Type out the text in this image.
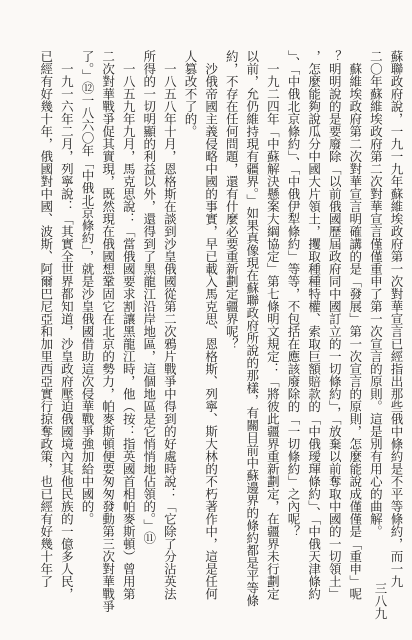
蘇聯政府說，一九一九年蘇維埃政府第一次對華宣言已經指出那些俄中條約是不平等條約，而一九
二〇年蘇維埃政府第二次對華宣言僅僅重申了第一次宣言的原則。這是別有用心的曲解。
　蘇維埃政府第二次對華宣言明確講的是「發展」第一次宣言的原則，怎麼能說成僅僅是「重申」呢
？明明說的是要廢除「以前俄國歷屆政府同中國訂立的一切條約」，「放棄以前奪取中國的一切領土」
，怎麼能夠說瓜分中國大片領土，攫取種種特權、索取巨額賠款的「中俄璦琿條約」、「中俄天津條約
」、「中俄北京條約」、「中俄伊犁條約」等等，不包括在應該廢除的「一切條約」之內呢？
　一九二四年「中蘇解決懸案大綱協定」第七條明文規定：「將彼此疆界重新劃定，在疆界未行劃定
以前，允仍維持現有疆界。」如果真像現在蘇聯政府所說的那樣，有關目前中蘇邊界的條約都是平等條
約，不存在任何問題，還有什麼必要重新劃定疆界呢？
　沙俄帝國主義侵略中國的事實，早已載入馬克思、恩格斯、列寧、斯大林的不朽著作中，這是任何
人篡改不了的。
　一八五八年十月，恩格斯在談到沙皇俄國從第二次鴉片戰爭中得到的好處時說：「它除了分沾英法
所得的一切明顯的利益以外，還得到了黑龍江沿岸地區，這個地區是它悄悄地佔領的。」⑪
　一八五九年九月，馬克思說：「當俄國要求割讓黑龍江時，他（按：指英國首相帕麥斯頓）曾用第
二次對華戰爭促其實現，既然現在俄國想鞏固它在北京的勢力，帕麥斯頓便要匆匆發動第三次對華戰爭
了。」⑫一八六〇年「中俄北京條約」，就是沙皇俄國借助這次侵華戰爭強加給中國的。
　一九一六年二月，列寧說：「其實全世界都知道，沙皇政府壓迫俄國境內其他民族的一億多人民，
已經有好幾十年，俄國對中國、波斯、阿爾巴尼亞和加里西亞實行掠奪政策，也已經有好幾十年了
三八九
